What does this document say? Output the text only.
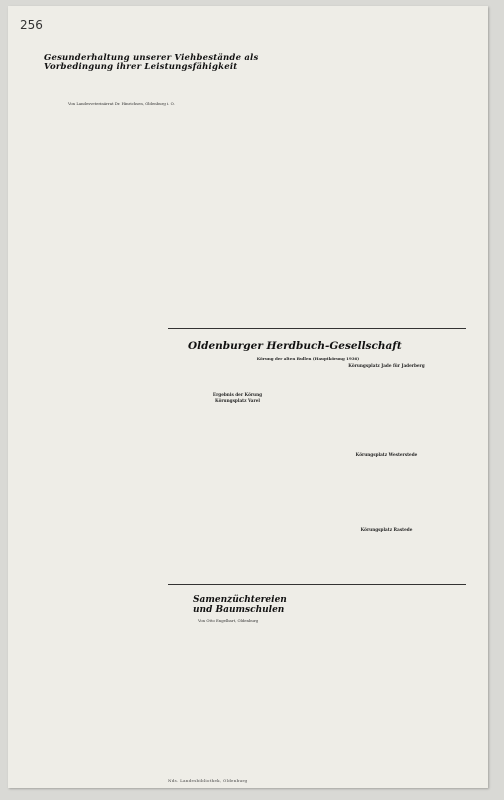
256
Gesunderhaltung unserer Viehbestände als Vorbedingung ihrer Leistungsfähigkeit
Von Landesveterinärrat Dr. Hinrichsen, Oldenburg i. O.
Oldenburger Herdbuch-Gesellschaft
Körung der alten Bullen (Hauptkörung 1936)
Ergebnis der Körung
Körungsplatz Varel
Körungsplatz Jade für Jaderberg
Körungsplatz Westerstede
Körungsplatz Rastede
Samenzüchtereien und Baumschulen
Von Otto Engelbart, Oldenburg
Nds. Landesbibliothek, Oldenburg
